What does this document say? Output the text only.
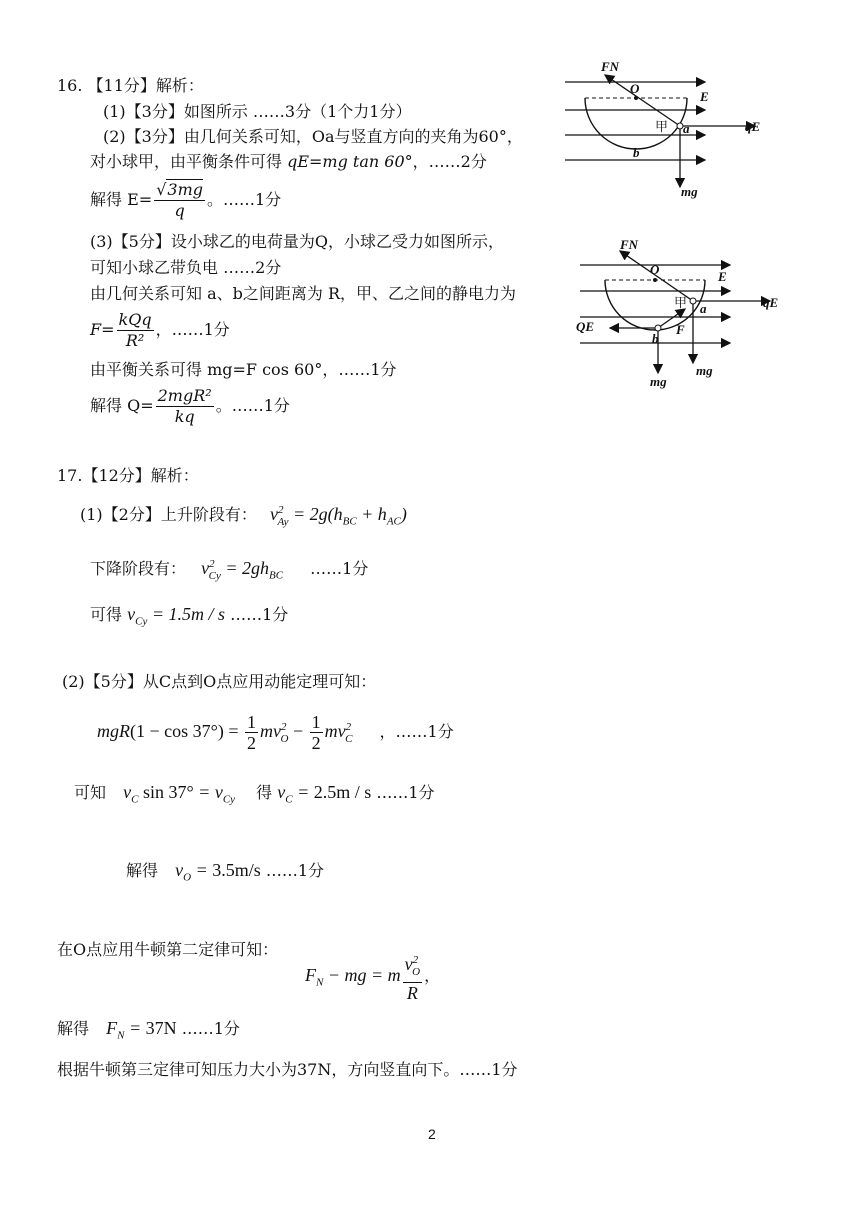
16. 【11分】解析：
(1)【3分】如图所示 ……3分（1个力1分）
(2)【3分】由几何关系可知，Oa与竖直方向的夹角为60°，
对小球甲，由平衡条件可得 qE=mg tan 60°，……2分
解得 $E= \frac{√3mg}{q}$ 。……1分
(3)【5分】设小球乙的电荷量为Q，小球乙受力如图所示，
可知小球乙带负电 ……2分
由几何关系可知 a、b之间距离为 R，甲、乙之间的静电力为
$F= \frac{\text{kQq}}{\text{R²}}$ ，……1分
由平衡关系可得 mg=F cos 60°，……1分
解得 $Q= \frac{\text{2mgR²}}{kq}$ 。……1分
FN
O
E
甲 a	qE
b
mg
FN
O	E
甲 a	qE
QE	F
b
mg
mg
17.【12分】解析：
(1)【2分】上升阶段有： $v^2_{Ay} = 2g(h_{BC} + h_{AC})$
下降阶段有： $v^2_{Cy} = 2gh_{BC}$ ……1分
可得 $v_{Cy} = 1.5m / s$ ……1分
(2)【5分】从C点到O点应用动能定理可知：
$mgR(1 - \cos 37^\circ) = \frac{1}{2} mv^2_O - \frac{1}{2} mv^2_C$ ，……1分
可知 $v_C$ $\sin 37^\circ = v_{Cy}$ 得 $v_C = 2.5m / s$ ……1分
解得 $v_O = 3.5m/s$ ……1分
在O点应用牛顿第二定律可知：
$F_N$ − mg = m $\frac{v^2_O}{R}$ ，
解得 $F_N = 37N$ ……1分
根据牛顿第三定律可知压力大小为37N，方向竖直向下。……1分
2
